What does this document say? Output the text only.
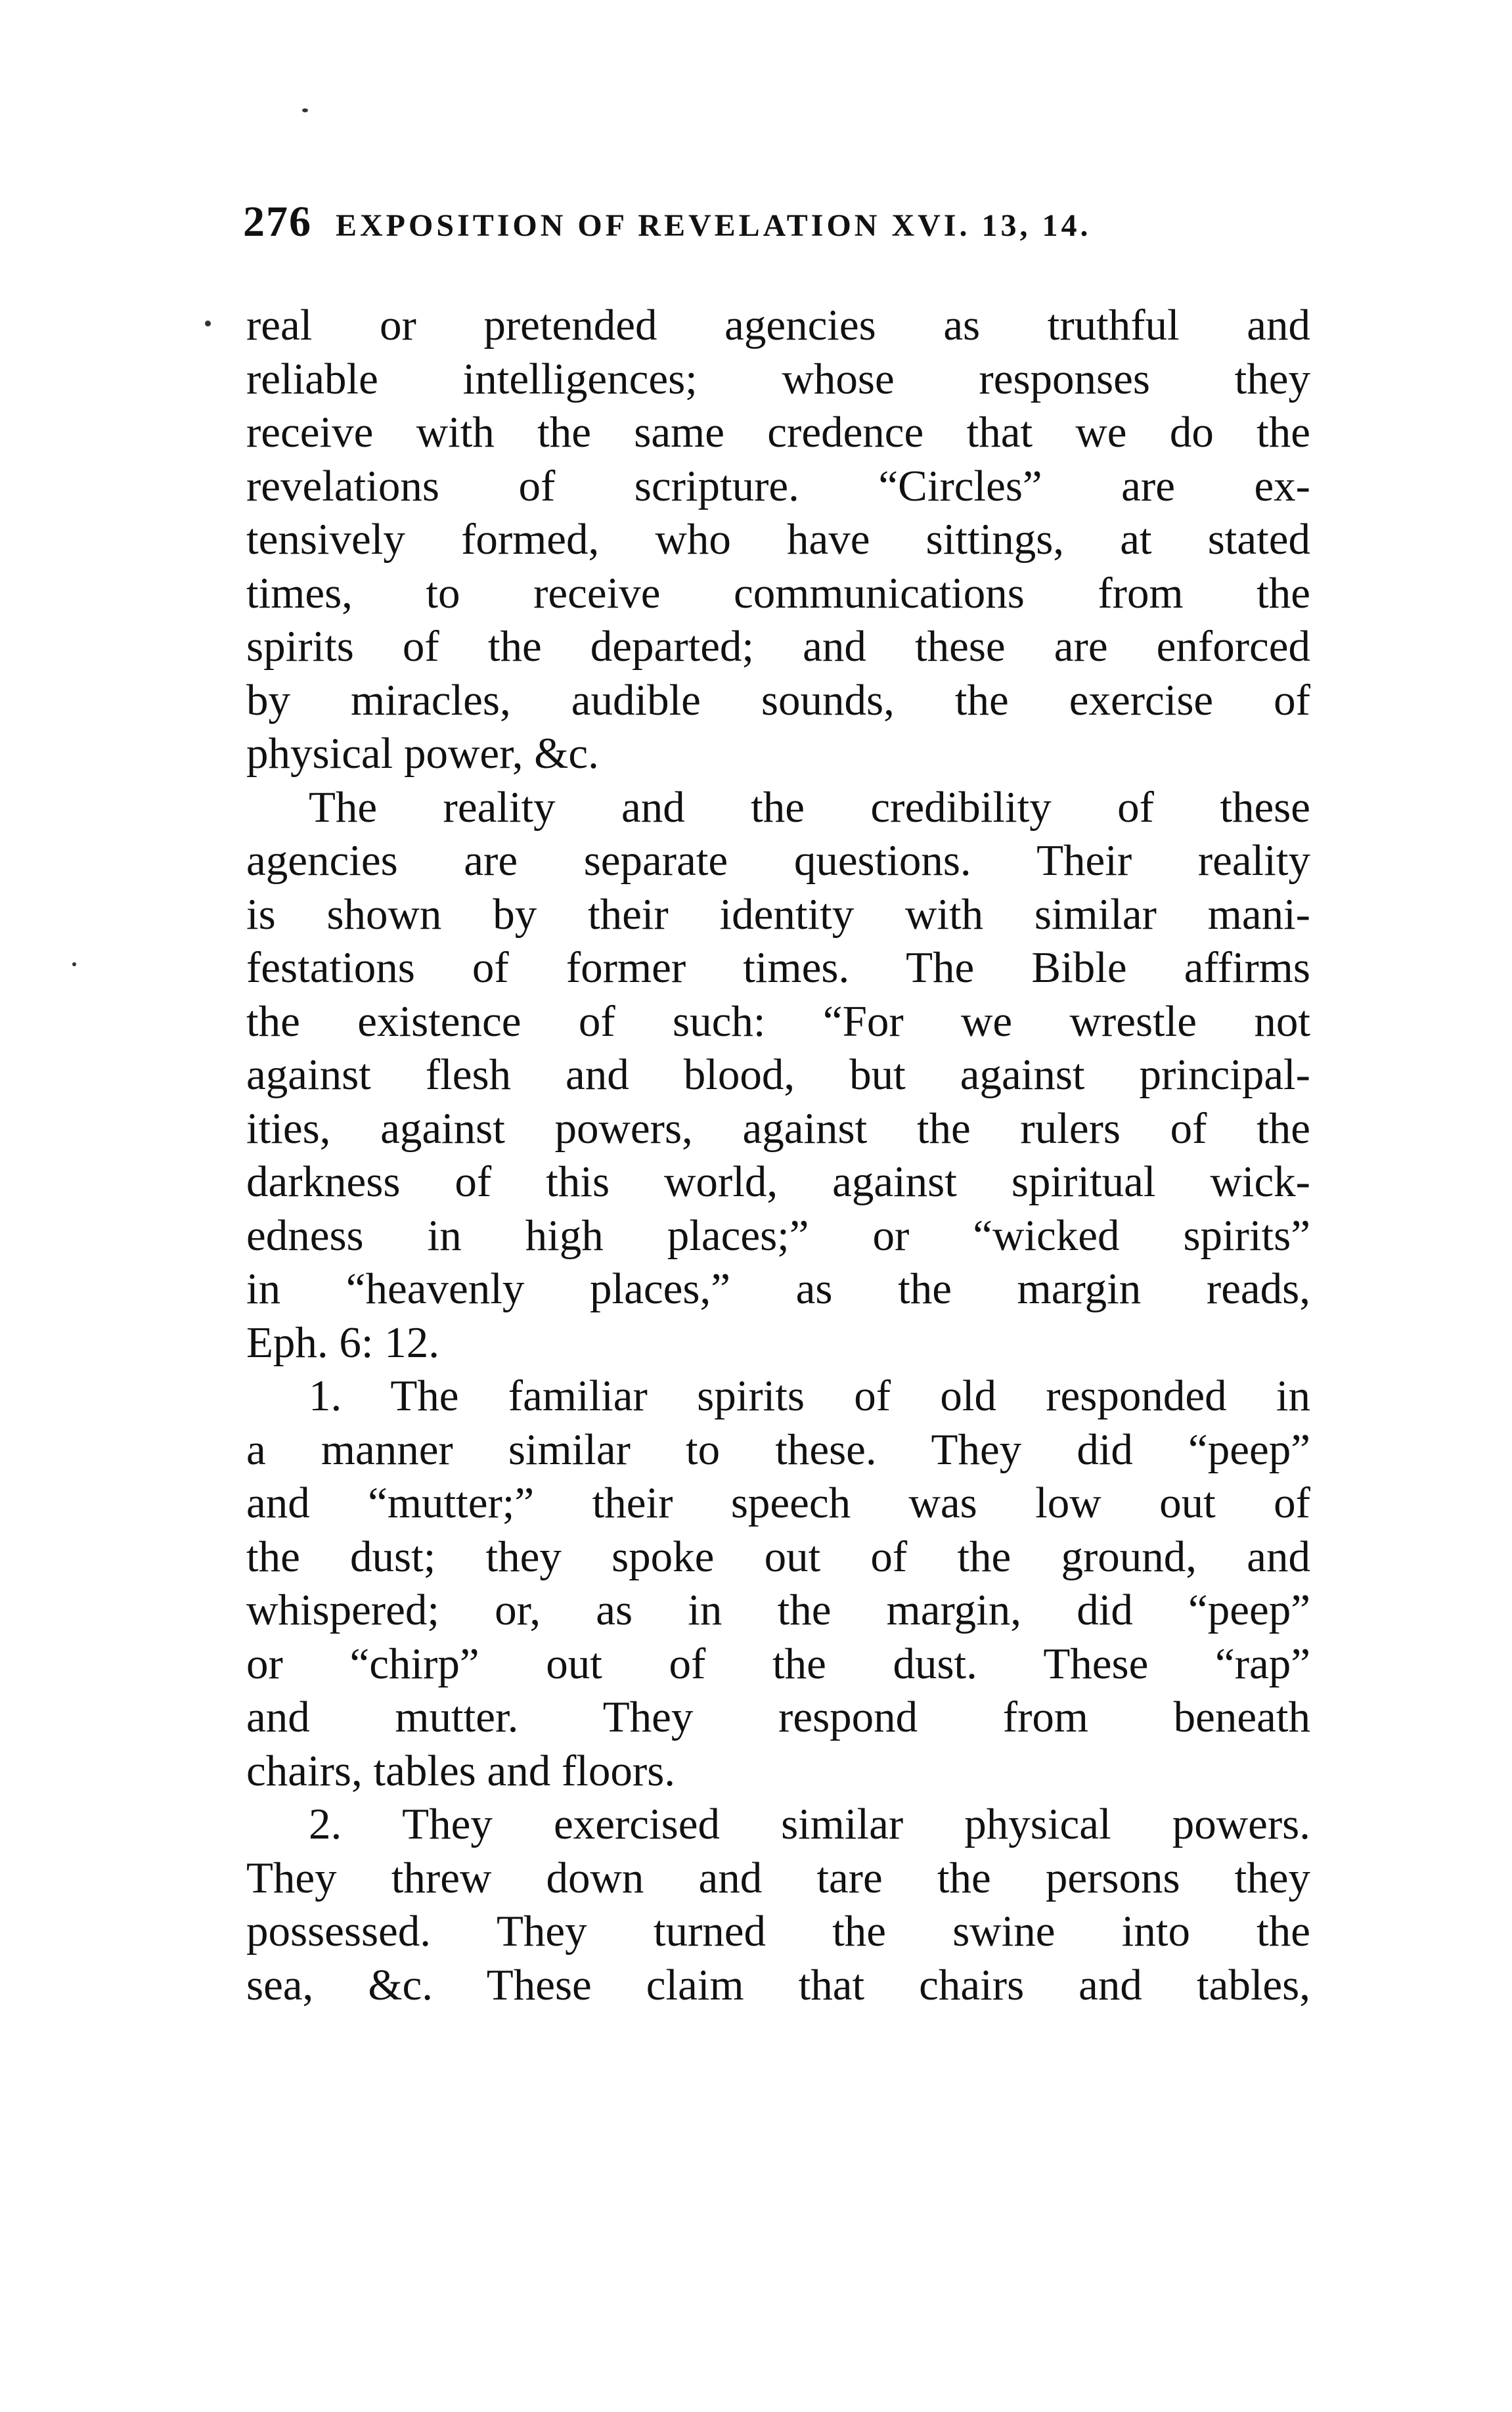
276 EXPOSITION OF REVELATION XVI. 13, 14.
real or pretended agencies as truthful and
reliable intelligences; whose responses they
receive with the same credence that we do the
revelations of scripture. “Circles” are ex-
tensively formed, who have sittings, at stated
times, to receive communications from the
spirits of the departed; and these are enforced
by miracles, audible sounds, the exercise of
physical power, &c.
The reality and the credibility of these
agencies are separate questions. Their reality
is shown by their identity with similar mani-
festations of former times. The Bible affirms
the existence of such: “For we wrestle not
against flesh and blood, but against principal-
ities, against powers, against the rulers of the
darkness of this world, against spiritual wick-
edness in high places;” or “wicked spirits”
in “heavenly places,” as the margin reads,
Eph. 6: 12.
1. The familiar spirits of old responded in
a manner similar to these. They did “peep”
and “mutter;” their speech was low out of
the dust; they spoke out of the ground, and
whispered; or, as in the margin, did “peep”
or “chirp” out of the dust. These “rap”
and mutter. They respond from beneath
chairs, tables and floors.
2. They exercised similar physical powers.
They threw down and tare the persons they
possessed. They turned the swine into the
sea, &c. These claim that chairs and tables,
